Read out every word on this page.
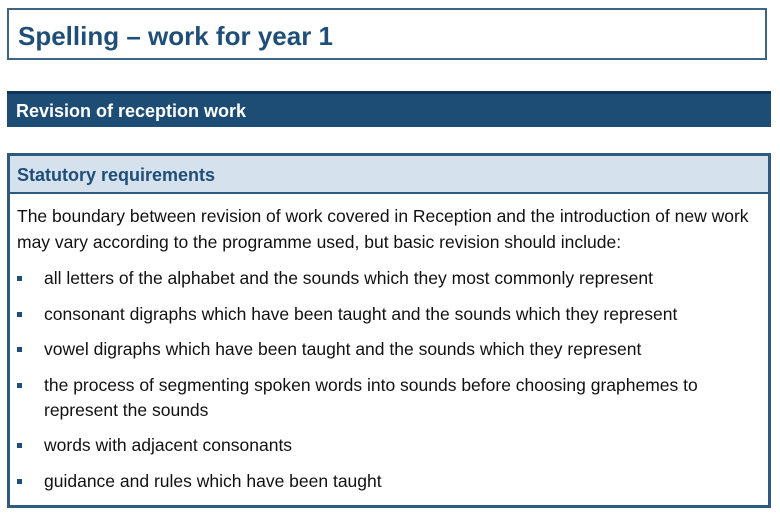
Spelling – work for year 1
Revision of reception work
Statutory requirements
The boundary between revision of work covered in Reception and the introduction of new work may vary according to the programme used, but basic revision should include:
all letters of the alphabet and the sounds which they most commonly represent
consonant digraphs which have been taught and the sounds which they represent
vowel digraphs which have been taught and the sounds which they represent
the process of segmenting spoken words into sounds before choosing graphemes to represent the sounds
words with adjacent consonants
guidance and rules which have been taught
